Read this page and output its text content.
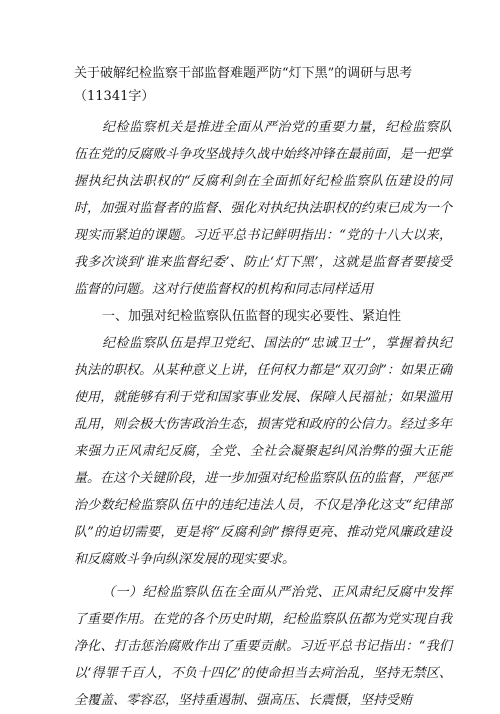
关于破解纪检监察干部监督难题严防“灯下黑”的调研与思考（11341字）

纪检监察机关是推进全面从严治党的重要力量，纪检监察队伍在党的反腐败斗争攻坚战持久战中始终冲锋在最前面，是一把掌握执纪执法职权的“反腐利剑在全面抓好纪检监察队伍建设的同时，加强对监督者的监督、强化对执纪执法职权的约束已成为一个现实而紧迫的课题。习近平总书记鲜明指出：“党的十八大以来，我多次谈到‘谁来监督纪委’、防止‘灯下黑’，这就是监督者要接受监督的问题。这对行使监督权的机构和同志同样适用

一、加强对纪检监察队伍监督的现实必要性、紧迫性

纪检监察队伍是捍卫党纪、国法的“忠诚卫士”，掌握着执纪执法的职权。从某种意义上讲，任何权力都是“双刃剑”：如果正确使用，就能够有利于党和国家事业发展、保障人民福祉；如果滥用乱用，则会极大伤害政治生态，损害党和政府的公信力。经过多年来强力正风肃纪反腐，全党、全社会凝聚起纠风治弊的强大正能量。在这个关键阶段，进一步加强对纪检监察队伍的监督，严惩严治少数纪检监察队伍中的违纪违法人员，不仅是净化这支“纪律部队”的迫切需要，更是将“反腐利剑”擦得更亮、推动党风廉政建设和反腐败斗争向纵深发展的现实要求。

（一）纪检监察队伍在全面从严治党、正风肃纪反腐中发挥了重要作用。在党的各个历史时期，纪检监察队伍都为党实现自我净化、打击惩治腐败作出了重要贡献。习近平总书记指出：“我们以‘得罪千百人，不负十四亿’的使命担当去疴治乱，坚持无禁区、全覆盖、零容忍，坚持重遏制、强高压、长震慑，坚持受贿
